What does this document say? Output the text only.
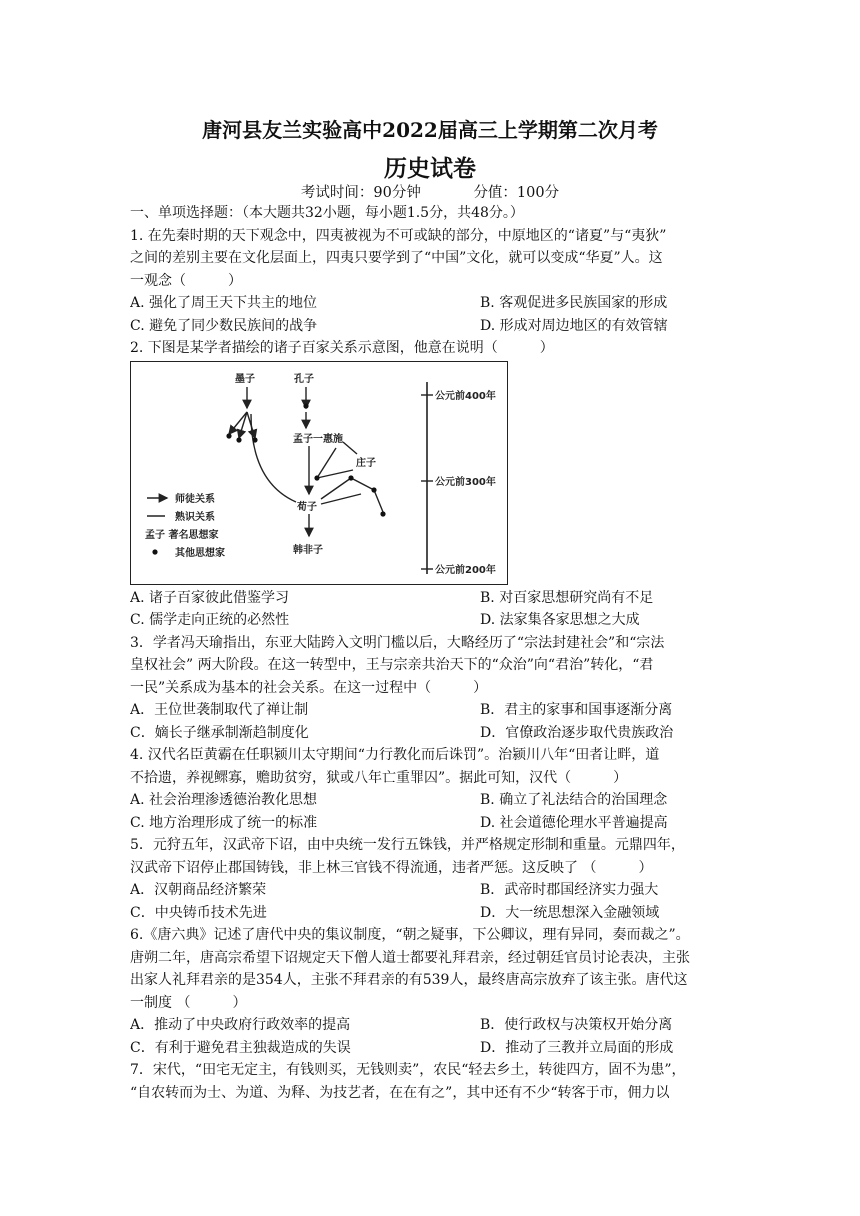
唐河县友兰实验高中2022届高三上学期第二次月考
历史试卷
考试时间：90分钟	分值：100分
一、单项选择题：（本大题共32小题，每小题1.5分，共48分。）
1. 在先秦时期的天下观念中，四夷被视为不可或缺的部分，中原地区的“诸夏”与“夷狄”
之间的差别主要在文化层面上，四夷只要学到了“中国”文化，就可以变成“华夏”人。这
一观念（　　　）
A. 强化了周王天下共主的地位	B. 客观促进多民族国家的形成
C. 避免了同少数民族间的战争	D. 形成对周边地区的有效管辖
2. 下图是某学者描绘的诸子百家关系示意图，他意在说明（　　　）
墨子	孔子
孟子一惠施
庄子
荀子
韩非子
公元前400年
公元前300年
公元前200年
师徒关系
熟识关系
孟子 著名思想家
其他思想家
A. 诸子百家彼此借鉴学习	B. 对百家思想研究尚有不足
C. 儒学走向正统的必然性	D. 法家集各家思想之大成
3．学者冯天瑜指出，东亚大陆跨入文明门槛以后，大略经历了“宗法封建社会”和“宗法
皇权社会” 两大阶段。在这一转型中，王与宗亲共治天下的“众治”向“君治”转化，“君
一民”关系成为基本的社会关系。在这一过程中（　　　）
A．王位世袭制取代了禅让制	B．君主的家事和国事逐渐分离
C．嫡长子继承制渐趋制度化	D．官僚政治逐步取代贵族政治
4. 汉代名臣黄霸在任职颍川太守期间“力行教化而后诛罚”。治颍川八年“田者让畔，道
不拾遗，养视鳏寡，赡助贫穷，狱或八年亡重罪囚”。据此可知，汉代（　　　）
A. 社会治理渗透德治教化思想	B. 确立了礼法结合的治国理念
C. 地方治理形成了统一的标准	D. 社会道德伦理水平普遍提高
5．元狩五年，汉武帝下诏，由中央统一发行五铢钱，并严格规定形制和重量。元鼎四年，
汉武帝下诏停止郡国铸钱，非上林三官钱不得流通，违者严惩。这反映了 （　　　）
A．汉朝商品经济繁荣	B．武帝时郡国经济实力强大
C．中央铸币技术先进	D．大一统思想深入金融领域
6.《唐六典》记述了唐代中央的集议制度，“朝之疑事，下公卿议，理有异同，奏而裁之”。
唐朔二年，唐高宗希望下诏规定天下僧人道士都要礼拜君亲，经过朝廷官员讨论表决，主张
出家人礼拜君亲的是354人，主张不拜君亲的有539人，最终唐高宗放弃了该主张。唐代这
一制度 （　　　）
A．推动了中央政府行政效率的提高	B．使行政权与决策权开始分离
C．有利于避免君主独裁造成的失误	D．推动了三教并立局面的形成
7．宋代，“田宅无定主，有钱则买，无钱则卖”，农民“轻去乡土，转徙四方，固不为患”，
“自农转而为士、为道、为释、为技艺者，在在有之”，其中还有不少“转客于市，佣力以
